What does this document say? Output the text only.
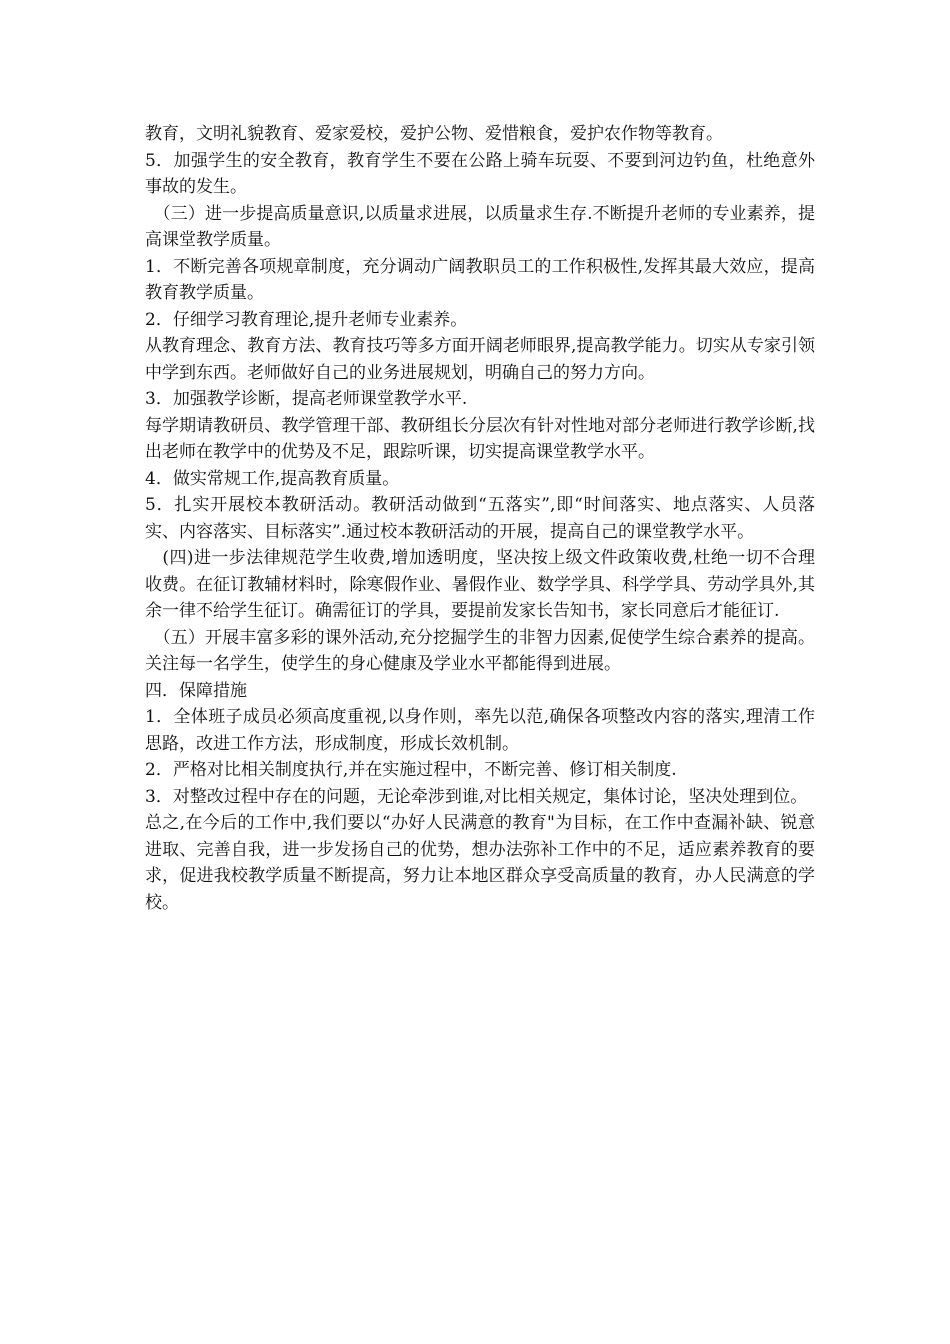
教育，文明礼貌教育、爱家爱校，爱护公物、爱惜粮食，爱护农作物等教育。

5．加强学生的安全教育，教育学生不要在公路上骑车玩耍、不要到河边钓鱼，杜绝意外事故的发生。

　（三）进一步提高质量意识,以质量求进展，以质量求生存.不断提升老师的专业素养，提高课堂教学质量。

1．不断完善各项规章制度，充分调动广阔教职员工的工作积极性,发挥其最大效应，提高教育教学质量。

2．仔细学习教育理论,提升老师专业素养。

从教育理念、教育方法、教育技巧等多方面开阔老师眼界,提高教学能力。切实从专家引领中学到东西。老师做好自己的业务进展规划，明确自己的努力方向。

3．加强教学诊断，提高老师课堂教学水平.

每学期请教研员、教学管理干部、教研组长分层次有针对性地对部分老师进行教学诊断,找出老师在教学中的优势及不足，跟踪听课，切实提高课堂教学水平。

4．做实常规工作,提高教育质量。

5．扎实开展校本教研活动。教研活动做到“五落实”,即“时间落实、地点落实、人员落实、内容落实、目标落实”.通过校本教研活动的开展，提高自己的课堂教学水平。

　(四)进一步法律规范学生收费,增加透明度，坚决按上级文件政策收费,杜绝一切不合理收费。在征订教辅材料时，除寒假作业、暑假作业、数学学具、科学学具、劳动学具外,其余一律不给学生征订。确需征订的学具，要提前发家长告知书，家长同意后才能征订.

　（五）开展丰富多彩的课外活动,充分挖掘学生的非智力因素,促使学生综合素养的提高。关注每一名学生，使学生的身心健康及学业水平都能得到进展。

四．保障措施

1．全体班子成员必须高度重视,以身作则，率先以范,确保各项整改内容的落实,理清工作思路，改进工作方法，形成制度，形成长效机制。

2．严格对比相关制度执行,并在实施过程中，不断完善、修订相关制度.

3．对整改过程中存在的问题，无论牵涉到谁,对比相关规定，集体讨论，坚决处理到位。

总之,在今后的工作中,我们要以“办好人民满意的教育"为目标，在工作中查漏补缺、锐意进取、完善自我，进一步发扬自己的优势，想办法弥补工作中的不足，适应素养教育的要求，促进我校教学质量不断提高，努力让本地区群众享受高质量的教育，办人民满意的学校。
